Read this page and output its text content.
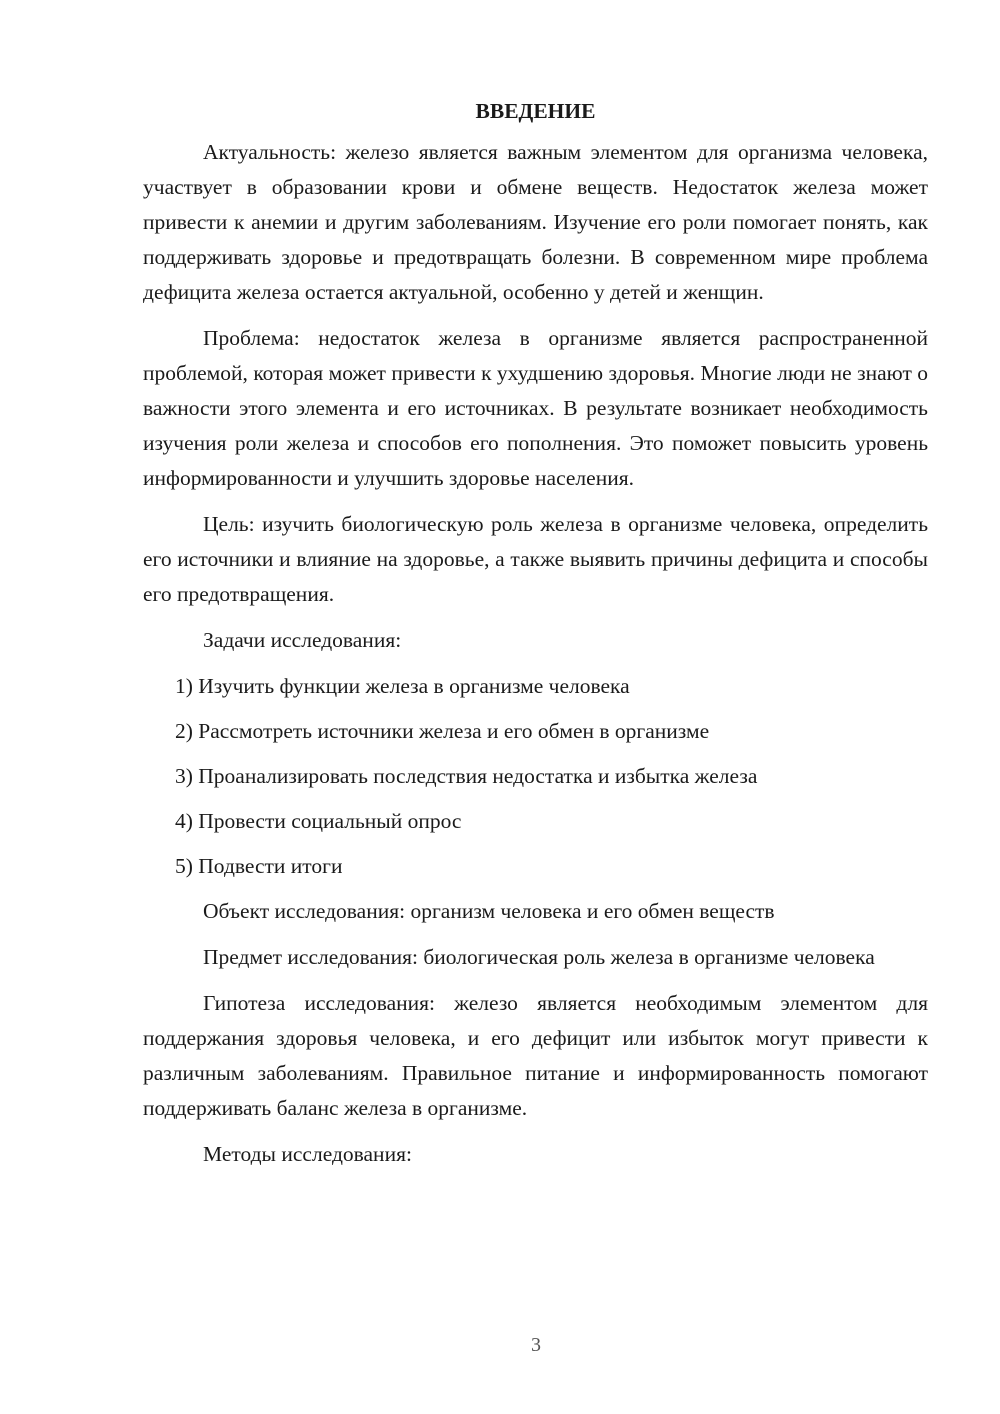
ВВЕДЕНИЕ

Актуальность: железо является важным элементом для организма человека, участвует в образовании крови и обмене веществ. Недостаток железа может привести к анемии и другим заболеваниям. Изучение его роли помогает понять, как поддерживать здоровье и предотвращать болезни. В современном мире проблема дефицита железа остается актуальной, особенно у детей и женщин.

Проблема: недостаток железа в организме является распространенной проблемой, которая может привести к ухудшению здоровья. Многие люди не знают о важности этого элемента и его источниках. В результате возникает необходимость изучения роли железа и способов его пополнения. Это поможет повысить уровень информированности и улучшить здоровье населения.

Цель: изучить биологическую роль железа в организме человека, определить его источники и влияние на здоровье, а также выявить причины дефицита и способы его предотвращения.

Задачи исследования:

1) Изучить функции железа в организме человека
2) Рассмотреть источники железа и его обмен в организме
3) Проанализировать последствия недостатка и избытка железа
4) Провести социальный опрос
5) Подвести итоги

Объект исследования: организм человека и его обмен веществ

Предмет исследования: биологическая роль железа в организме человека

Гипотеза исследования: железо является необходимым элементом для поддержания здоровья человека, и его дефицит или избыток могут привести к различным заболеваниям. Правильное питание и информированность помогают поддерживать баланс железа в организме.

Методы исследования:

3
